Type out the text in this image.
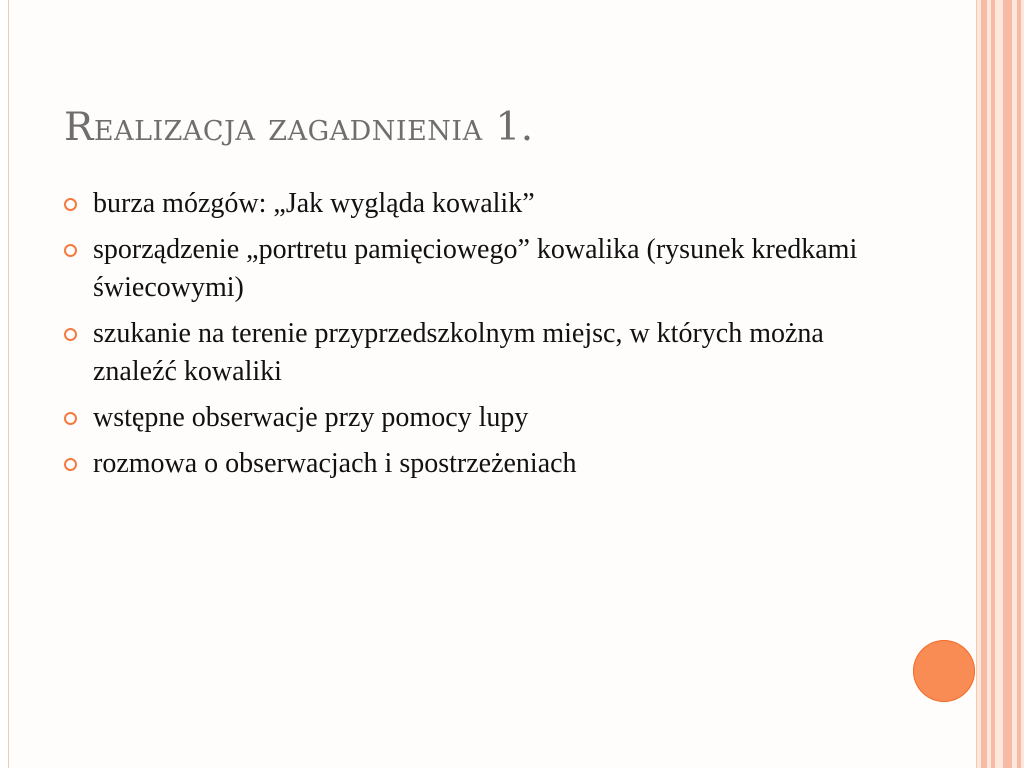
Realizacja zagadnienia 1.
burza mózgów: „Jak wygląda kowalik”
sporządzenie „portretu pamięciowego” kowalika (rysunek kredkami świecowymi)
szukanie na terenie przyprzedszkolnym miejsc, w których można znaleźć kowaliki
wstępne obserwacje przy pomocy lupy
rozmowa o obserwacjach i spostrzeżeniach
